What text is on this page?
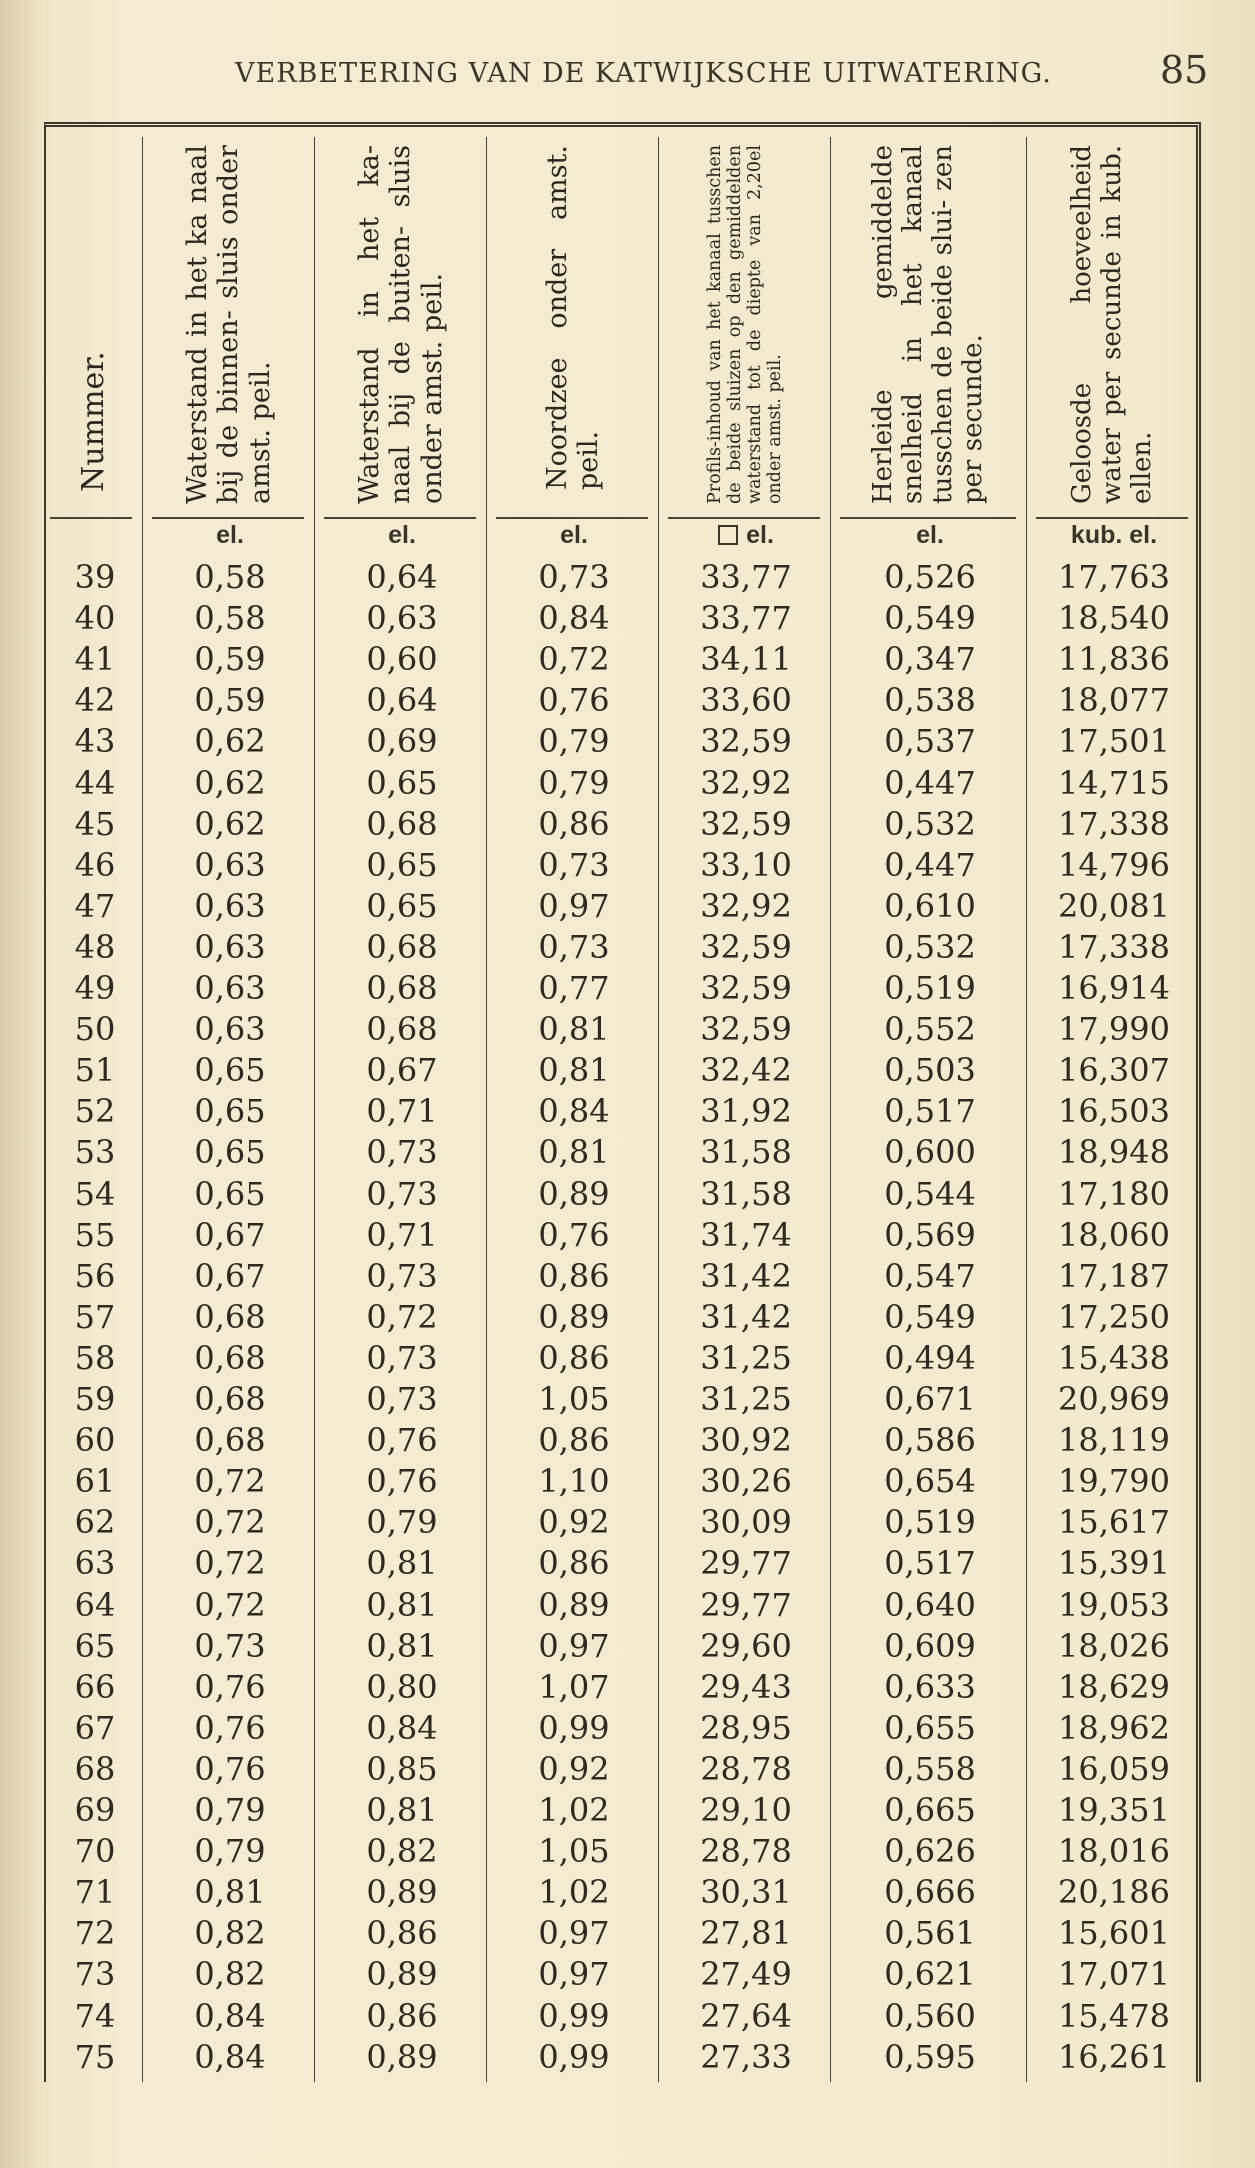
VERBETERING VAN DE KATWIJKSCHE UITWATERING.	85
Nummer.	Waterstand in het ka naal bij de binnen- sluis onder amst. peil.	Waterstand in het ka- naal bij de buiten- sluis onder amst. peil.	Noordzee onder amst. peil.	Profils-inhoud van het kanaal tusschen de beide sluizen op den gemiddelden waterstand tot de diepte van 2,20el onder amst. peil.	Herleide gemiddelde snelheid in het kanaal tusschen de beide slui- zen per secunde.	Geloosde hoeveelheid water per secunde in kub. ellen.
el.	el.	el.	el.	el.	kub. el.
39	0,58	0,64	0,73	33,77	0,526	17,763
40	0,58	0,63	0,84	33,77	0,549	18,540
41	0,59	0,60	0,72	34,11	0,347	11,836
42	0,59	0,64	0,76	33,60	0,538	18,077
43	0,62	0,69	0,79	32,59	0,537	17,501
44	0,62	0,65	0,79	32,92	0,447	14,715
45	0,62	0,68	0,86	32,59	0,532	17,338
46	0,63	0,65	0,73	33,10	0,447	14,796
47	0,63	0,65	0,97	32,92	0,610	20,081
48	0,63	0,68	0,73	32,59	0,532	17,338
49	0,63	0,68	0,77	32,59	0,519	16,914
50	0,63	0,68	0,81	32,59	0,552	17,990
51	0,65	0,67	0,81	32,42	0,503	16,307
52	0,65	0,71	0,84	31,92	0,517	16,503
53	0,65	0,73	0,81	31,58	0,600	18,948
54	0,65	0,73	0,89	31,58	0,544	17,180
55	0,67	0,71	0,76	31,74	0,569	18,060
56	0,67	0,73	0,86	31,42	0,547	17,187
57	0,68	0,72	0,89	31,42	0,549	17,250
58	0,68	0,73	0,86	31,25	0,494	15,438
59	0,68	0,73	1,05	31,25	0,671	20,969
60	0,68	0,76	0,86	30,92	0,586	18,119
61	0,72	0,76	1,10	30,26	0,654	19,790
62	0,72	0,79	0,92	30,09	0,519	15,617
63	0,72	0,81	0,86	29,77	0,517	15,391
64	0,72	0,81	0,89	29,77	0,640	19,053
65	0,73	0,81	0,97	29,60	0,609	18,026
66	0,76	0,80	1,07	29,43	0,633	18,629
67	0,76	0,84	0,99	28,95	0,655	18,962
68	0,76	0,85	0,92	28,78	0,558	16,059
69	0,79	0,81	1,02	29,10	0,665	19,351
70	0,79	0,82	1,05	28,78	0,626	18,016
71	0,81	0,89	1,02	30,31	0,666	20,186
72	0,82	0,86	0,97	27,81	0,561	15,601
73	0,82	0,89	0,97	27,49	0,621	17,071
74	0,84	0,86	0,99	27,64	0,560	15,478
75	0,84	0,89	0,99	27,33	0,595	16,261
